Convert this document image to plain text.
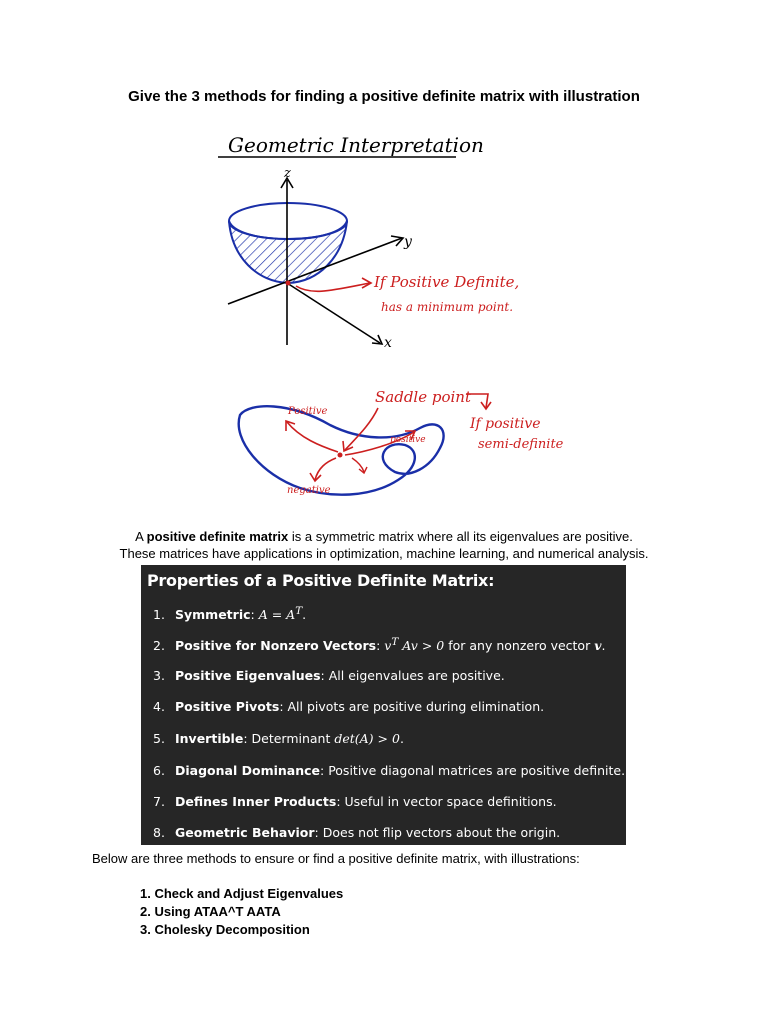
Give the 3 methods for finding a positive definite matrix with illustration
Geometric Interpretation
z
y
x
If Positive Definite,
has a minimum point.
Saddle point
If positive
semi-definite
Positive
positive
negative
A positive definite matrix is a symmetric matrix where all its eigenvalues are positive.
These matrices have applications in optimization, machine learning, and numerical analysis.
Properties of a Positive Definite Matrix:
1. Symmetric: $A = A^T$.
2. Positive for Nonzero Vectors: $v^T$ Av > 0 for any nonzero vector v.
3. Positive Eigenvalues: All eigenvalues are positive.
4. Positive Pivots: All pivots are positive during elimination.
5. Invertible: Determinant det(A) > 0.
6. Diagonal Dominance: Positive diagonal matrices are positive definite.
7. Defines Inner Products: Useful in vector space definitions.
8. Geometric Behavior: Does not flip vectors about the origin.
Below are three methods to ensure or find a positive definite matrix, with illustrations:
1. Check and Adjust Eigenvalues
2. Using ATAA^T AATA
3. Cholesky Decomposition
